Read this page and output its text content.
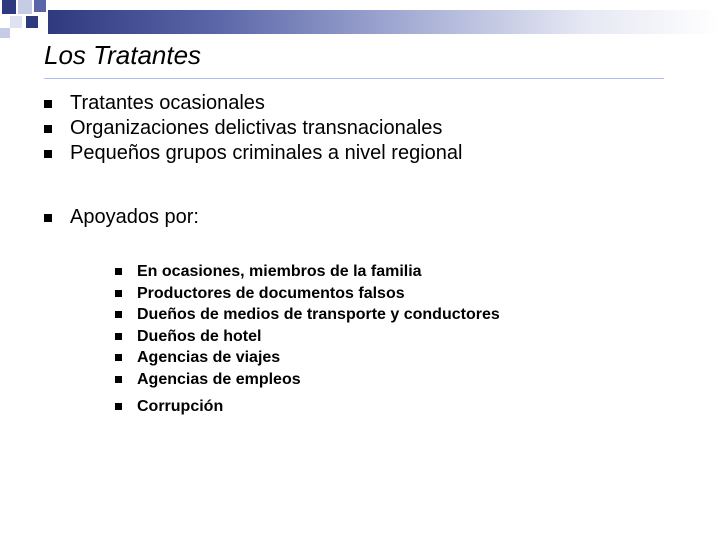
Los Tratantes
Tratantes ocasionales
Organizaciones delictivas transnacionales
Pequeños grupos criminales a nivel regional
Apoyados por:
En ocasiones, miembros de la familia
Productores de documentos falsos
Dueños de medios de transporte y conductores
Dueños de hotel
Agencias de viajes
Agencias de empleos
Corrupción
